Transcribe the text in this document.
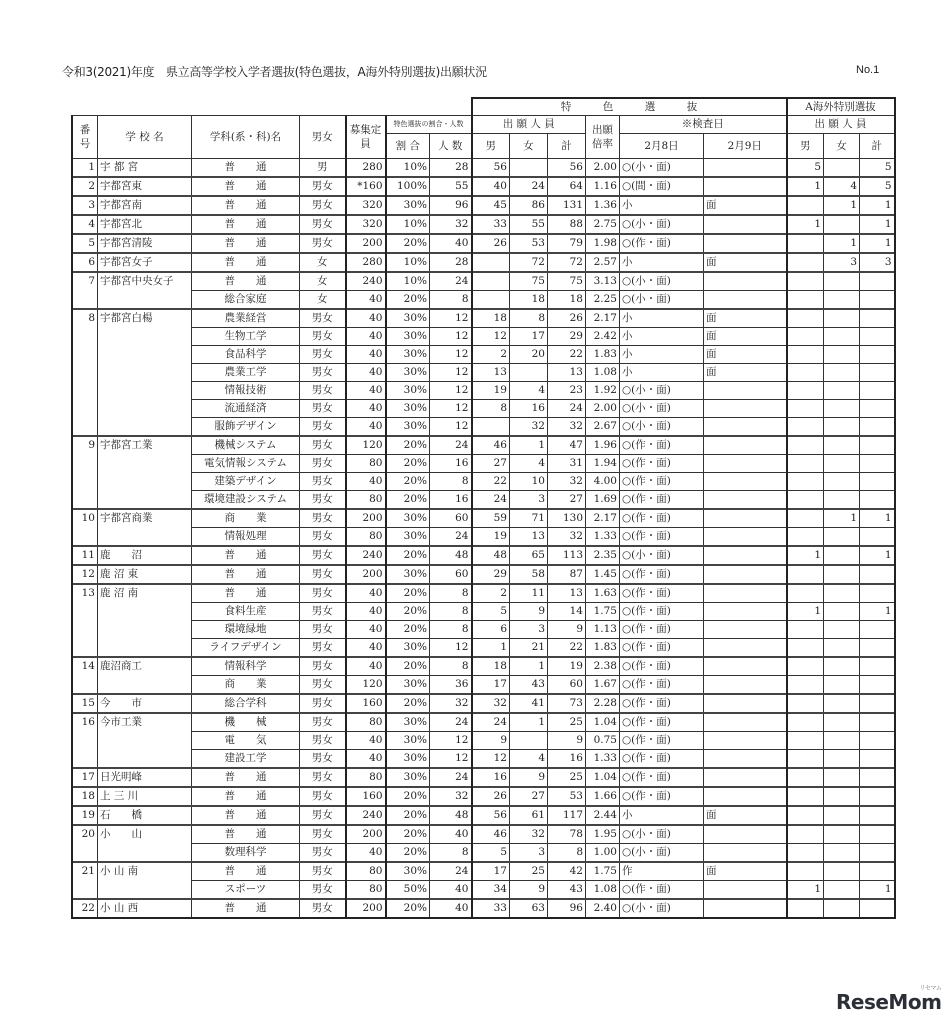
令和3(2021)年度　県立高等学校入学者選抜(特色選抜，A海外特別選抜)出願状況	No.1
							特　　　色　　　選　　　抜						A海外特別選抜		
番号	学 校 名	学科(系・科)名	男女	募集定員	特色選抜の割合・人数		出 願 人 員			出願倍率	※検査日		出 願 人 員		
					割 合	人 数	男	女	計		2月8日	2月9日	男	女	計
1	宇 都 宮	普　　通	男	280	10%	28	56		56	2.00	○(小・面)		5		5
2	宇都宮東	普　　通	男女	*160	100%	55	40	24	64	1.16	○(間・面)		1	4	5
3	宇都宮南	普　　通	男女	320	30%	96	45	86	131	1.36	小	面		1	1
4	宇都宮北	普　　通	男女	320	10%	32	33	55	88	2.75	○(小・面)		1		1
5	宇都宮清陵	普　　通	男女	200	20%	40	26	53	79	1.98	○(作・面)			1	1
6	宇都宮女子	普　　通	女	280	10%	28		72	72	2.57	小	面		3	3
7	宇都宮中央女子	普　　通	女	240	10%	24		75	75	3.13	○(小・面)				
		総合家庭	女	40	20%	8		18	18	2.25	○(小・面)				
8	宇都宮白楊	農業経営	男女	40	30%	12	18	8	26	2.17	小	面			
		生物工学	男女	40	30%	12	12	17	29	2.42	小	面			
		食品科学	男女	40	30%	12	2	20	22	1.83	小	面			
		農業工学	男女	40	30%	12	13		13	1.08	小	面			
		情報技術	男女	40	30%	12	19	4	23	1.92	○(小・面)				
		流通経済	男女	40	30%	12	8	16	24	2.00	○(小・面)				
		服飾デザイン	男女	40	30%	12		32	32	2.67	○(小・面)				
9	宇都宮工業	機械システム	男女	120	20%	24	46	1	47	1.96	○(作・面)				
		電気情報システム	男女	80	20%	16	27	4	31	1.94	○(作・面)				
		建築デザイン	男女	40	20%	8	22	10	32	4.00	○(作・面)				
		環境建設システム	男女	80	20%	16	24	3	27	1.69	○(作・面)				
10	宇都宮商業	商　　業	男女	200	30%	60	59	71	130	2.17	○(作・面)			1	1
		情報処理	男女	80	30%	24	19	13	32	1.33	○(作・面)				
11	鹿　　沼	普　　通	男女	240	20%	48	48	65	113	2.35	○(小・面)		1		1
12	鹿 沼 東	普　　通	男女	200	30%	60	29	58	87	1.45	○(作・面)				
13	鹿 沼 南	普　　通	男女	40	20%	8	2	11	13	1.63	○(作・面)				
		食料生産	男女	40	20%	8	5	9	14	1.75	○(作・面)		1		1
		環境緑地	男女	40	20%	8	6	3	9	1.13	○(作・面)				
		ライフデザイン	男女	40	30%	12	1	21	22	1.83	○(作・面)				
14	鹿沼商工	情報科学	男女	40	20%	8	18	1	19	2.38	○(作・面)				
		商　　業	男女	120	30%	36	17	43	60	1.67	○(作・面)				
15	今　　市	総合学科	男女	160	20%	32	32	41	73	2.28	○(作・面)				
16	今市工業	機　　械	男女	80	30%	24	24	1	25	1.04	○(作・面)				
		電　　気	男女	40	30%	12	9		9	0.75	○(作・面)				
		建設工学	男女	40	30%	12	12	4	16	1.33	○(作・面)				
17	日光明峰	普　　通	男女	80	30%	24	16	9	25	1.04	○(作・面)				
18	上 三 川	普　　通	男女	160	20%	32	26	27	53	1.66	○(作・面)				
19	石　　橋	普　　通	男女	240	20%	48	56	61	117	2.44	小	面			
20	小　　山	普　　通	男女	200	20%	40	46	32	78	1.95	○(小・面)				
		数理科学	男女	40	20%	8	5	3	8	1.00	○(小・面)				
21	小 山 南	普　　通	男女	80	30%	24	17	25	42	1.75	作	面			
		スポーツ	男女	80	50%	40	34	9	43	1.08	○(作・面)		1		1
22	小 山 西	普　　通	男女	200	20%	40	33	63	96	2.40	○(小・面)				
ReseMom
リセマム
